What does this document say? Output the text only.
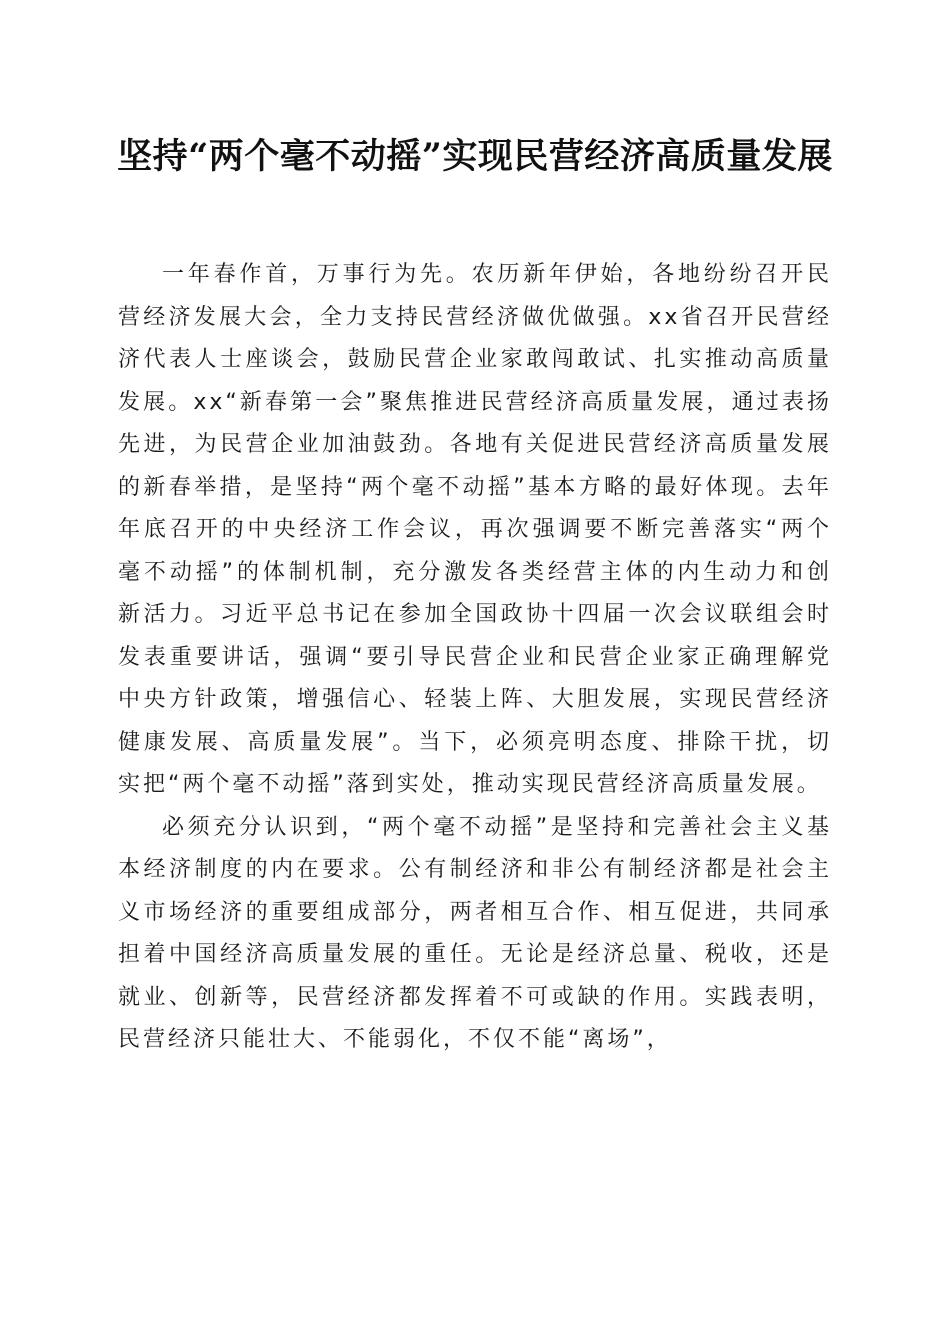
坚持“两个毫不动摇”实现民营经济高质量发展

一年春作首，万事行为先。农历新年伊始，各地纷纷召开民营经济发展大会，全力支持民营经济做优做强。xx省召开民营经济代表人士座谈会，鼓励民营企业家敢闯敢试、扎实推动高质量发展。xx“新春第一会”聚焦推进民营经济高质量发展，通过表扬先进，为民营企业加油鼓劲。各地有关促进民营经济高质量发展的新春举措，是坚持“两个毫不动摇”基本方略的最好体现。去年年底召开的中央经济工作会议，再次强调要不断完善落实“两个毫不动摇”的体制机制，充分激发各类经营主体的内生动力和创新活力。习近平总书记在参加全国政协十四届一次会议联组会时发表重要讲话，强调“要引导民营企业和民营企业家正确理解党中央方针政策，增强信心、轻装上阵、大胆发展，实现民营经济健康发展、高质量发展”。当下，必须亮明态度、排除干扰，切实把“两个毫不动摇”落到实处，推动实现民营经济高质量发展。

必须充分认识到，“两个毫不动摇”是坚持和完善社会主义基本经济制度的内在要求。公有制经济和非公有制经济都是社会主义市场经济的重要组成部分，两者相互合作、相互促进，共同承担着中国经济高质量发展的重任。无论是经济总量、税收，还是就业、创新等，民营经济都发挥着不可或缺的作用。实践表明，民营经济只能壮大、不能弱化，不仅不能“离场”，
